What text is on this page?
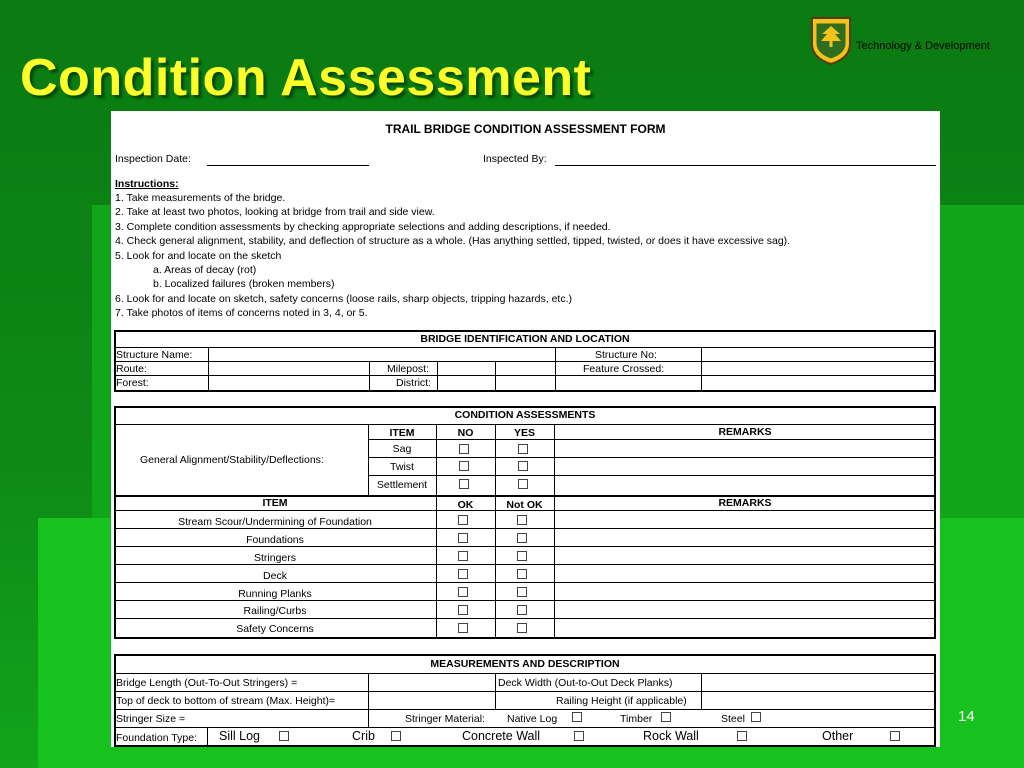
Condition Assessment
Technology & Development
TRAIL BRIDGE CONDITION ASSESSMENT FORM
Inspection Date:	Inspected By:
Instructions:
1. Take measurements of the bridge.
2. Take at least two photos, looking at bridge from trail and side view.
3. Complete condition assessments by checking appropriate selections and adding descriptions, if needed.
4. Check general alignment, stability, and deflection of structure as a whole. (Has anything settled, tipped, twisted, or does it have excessive sag).
5. Look for and locate on the sketch
a. Areas of decay (rot)
b. Localized failures (broken members)
6. Look for and locate on sketch, safety concerns (loose rails, sharp objects, tripping hazards, etc.)
7. Take photos of items of concerns noted in 3, 4, or 5.
BRIDGE IDENTIFICATION AND LOCATION
Structure Name:	Structure No:
Route:	Milepost:	Feature Crossed:
Forest:	District:
CONDITION ASSESSMENTS
General Alignment/Stability/Deflections:
ITEM	NO	YES	REMARKS
Sag
Twist
Settlement
ITEM	OK	Not OK	REMARKS
Stream Scour/Undermining of Foundation
Foundations
Stringers
Deck
Running Planks
Railing/Curbs
Safety Concerns
MEASUREMENTS AND DESCRIPTION
Bridge Length (Out-To-Out Stringers) =	Deck Width (Out-to-Out Deck Planks)
Top of deck to bottom of stream (Max. Height)=	Railing Height (if applicable)
Stringer Size =	Stringer Material: Native Log	Timber	Steel
Foundation Type: Sill Log	Crib	Concrete Wall	Rock Wall	Other
14
